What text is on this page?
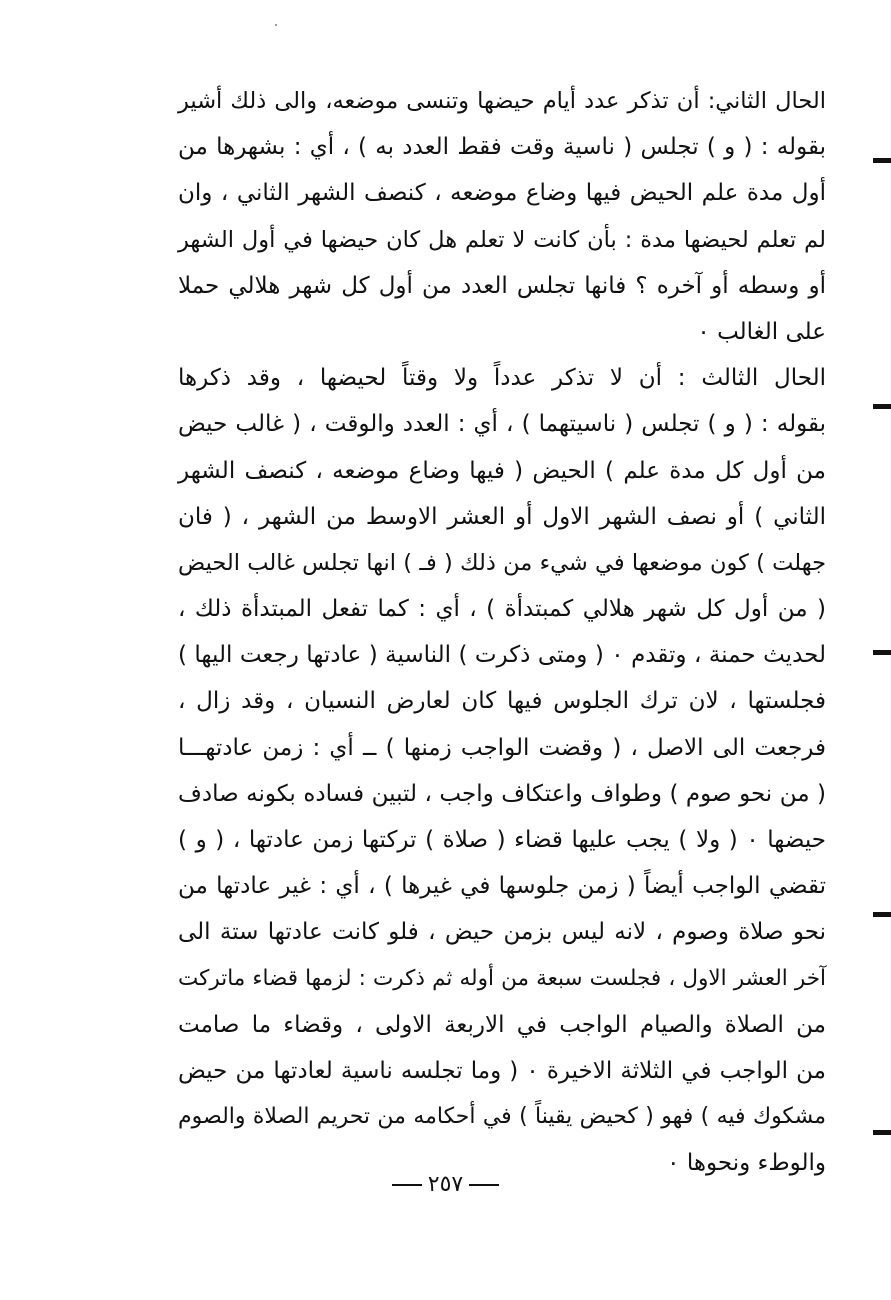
الحال الثاني: أن تذكر عدد أيام حيضها وتنسى موضعه، والى ذلك أشير
بقوله : ( و ) تجلس ( ناسية وقت فقط العدد به ) ، أي : بشهرها من
أول مدة علم الحيض فيها وضاع موضعه ، كنصف الشهر الثاني ، وان
لم تعلم لحيضها مدة : بأن كانت لا تعلم هل كان حيضها في أول الشهر
أو وسطه أو آخره ؟ فانها تجلس العدد من أول كل شهر هلالي حملا
على الغالب ٠
الحال الثالث : أن لا تذكر عدداً ولا وقتاً لحيضها ، وقد ذكرها
بقوله : ( و ) تجلس ( ناسيتهما ) ، أي : العدد والوقت ، ( غالب حيض
من أول كل مدة علم ) الحيض ( فيها وضاع موضعه ، كنصف الشهر
الثاني ) أو نصف الشهر الاول أو العشر الاوسط من الشهر ، ( فان
جهلت ) كون موضعها في شيء من ذلك ( فـ ) انها تجلس غالب الحيض
( من أول كل شهر هلالي كمبتدأة ) ، أي : كما تفعل المبتدأة ذلك ،
لحديث حمنة ، وتقدم ٠ ( ومتى ذكرت ) الناسية ( عادتها رجعت اليها )
فجلستها ، لان ترك الجلوس فيها كان لعارض النسيان ، وقد زال ،
فرجعت الى الاصل ، ( وقضت الواجب زمنها ) ــ أي : زمن عادتهـــا
( من نحو صوم ) وطواف واعتكاف واجب ، لتبين فساده بكونه صادف
حيضها ٠ ( ولا ) يجب عليها قضاء ( صلاة ) تركتها زمن عادتها ، ( و )
تقضي الواجب أيضاً ( زمن جلوسها في غيرها ) ، أي : غير عادتها من
نحو صلاة وصوم ، لانه ليس بزمن حيض ، فلو كانت عادتها ستة الى
آخر العشر الاول ، فجلست سبعة من أوله ثم ذكرت : لزمها قضاء ماتركت
من الصلاة والصيام الواجب في الاربعة الاولى ، وقضاء ما صامت
من الواجب في الثلاثة الاخيرة ٠ ( وما تجلسه ناسية لعادتها من حيض
مشكوك فيه ) فهو ( كحيض يقيناً ) في أحكامه من تحريم الصلاة والصوم
والوطء ونحوها ٠
٢٥٧
